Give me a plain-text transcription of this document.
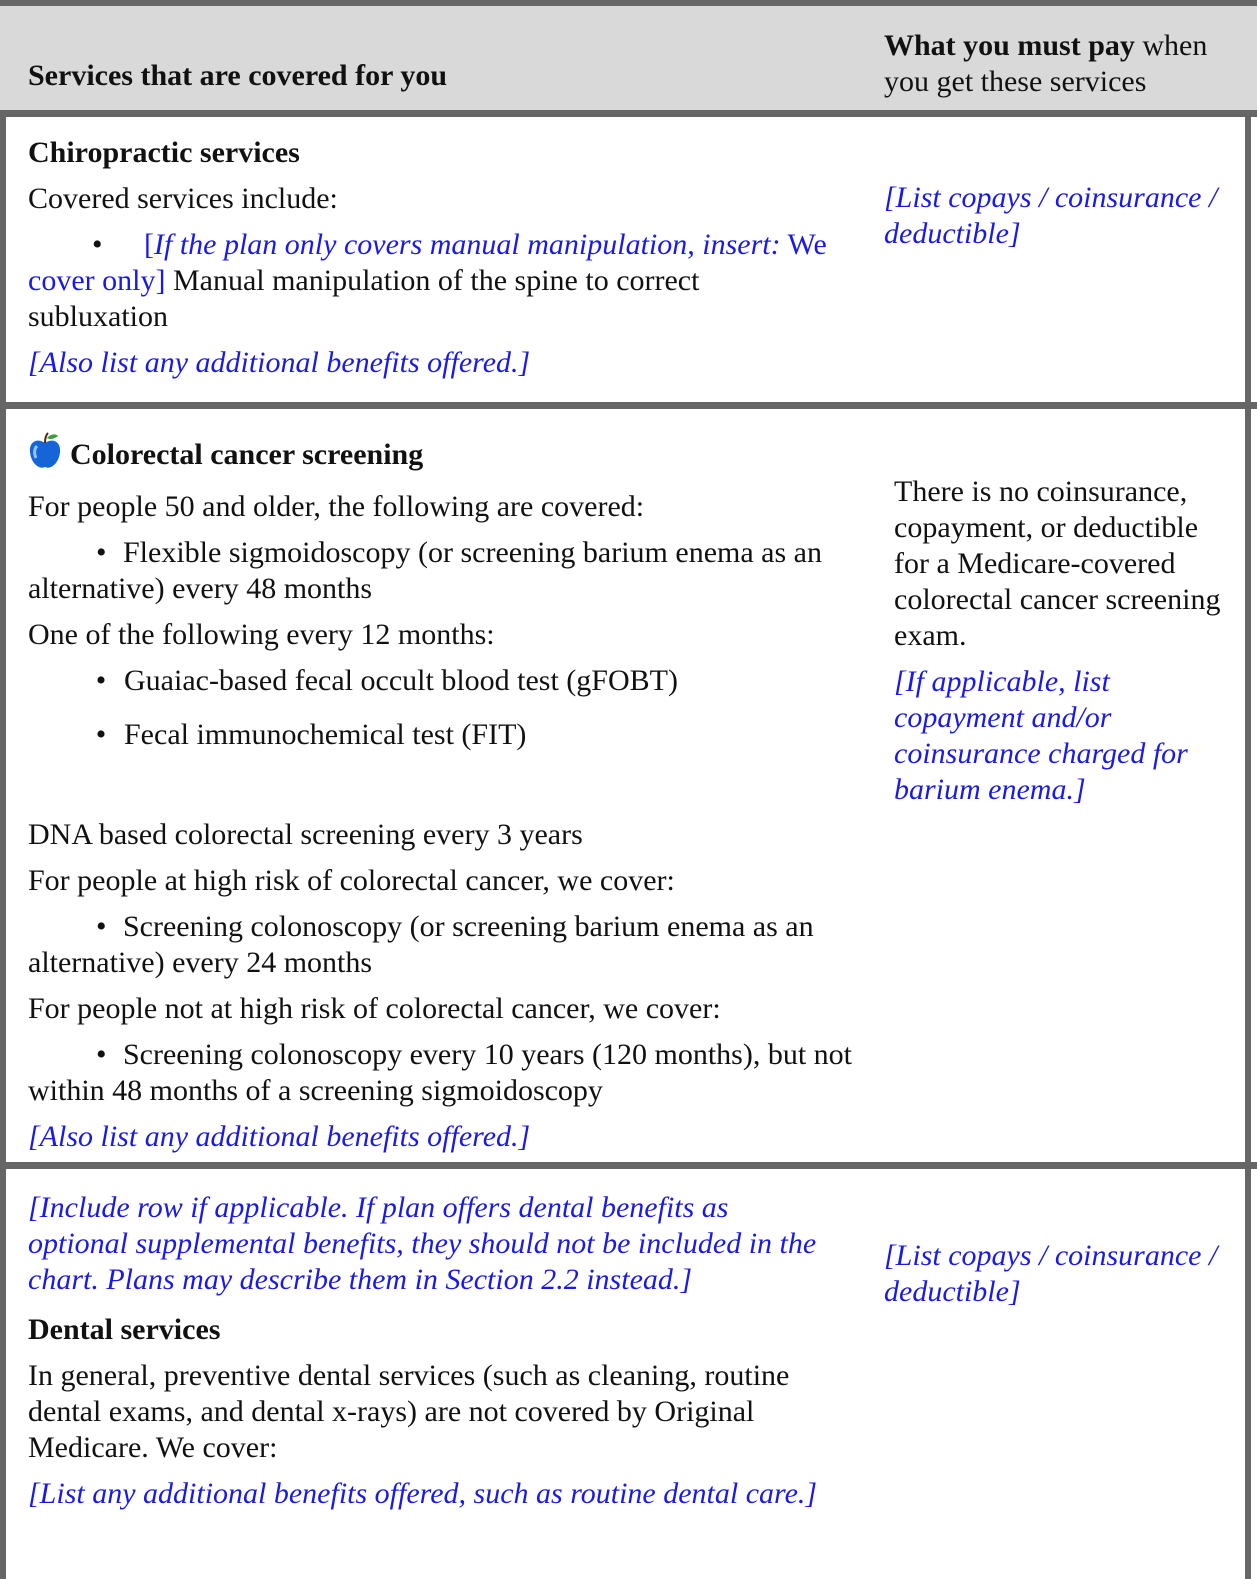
Services that are covered for you
What you must pay when you get these services

Chiropractic services

Covered services include:

• [If the plan only covers manual manipulation, insert: We cover only] Manual manipulation of the spine to correct subluxation

[Also list any additional benefits offered.]

[List copays / coinsurance / deductible]

Colorectal cancer screening

For people 50 and older, the following are covered:

• Flexible sigmoidoscopy (or screening barium enema as an alternative) every 48 months

One of the following every 12 months:

• Guaiac-based fecal occult blood test (gFOBT)

• Fecal immunochemical test (FIT)

DNA based colorectal screening every 3 years

For people at high risk of colorectal cancer, we cover:

• Screening colonoscopy (or screening barium enema as an alternative) every 24 months

For people not at high risk of colorectal cancer, we cover:

• Screening colonoscopy every 10 years (120 months), but not within 48 months of a screening sigmoidoscopy

[Also list any additional benefits offered.]

There is no coinsurance, copayment, or deductible for a Medicare-covered colorectal cancer screening exam.

[If applicable, list copayment and/or coinsurance charged for barium enema.]

[Include row if applicable. If plan offers dental benefits as optional supplemental benefits, they should not be included in the chart. Plans may describe them in Section 2.2 instead.]

Dental services

In general, preventive dental services (such as cleaning, routine dental exams, and dental x-rays) are not covered by Original Medicare. We cover:

[List any additional benefits offered, such as routine dental care.]

[List copays / coinsurance / deductible]
